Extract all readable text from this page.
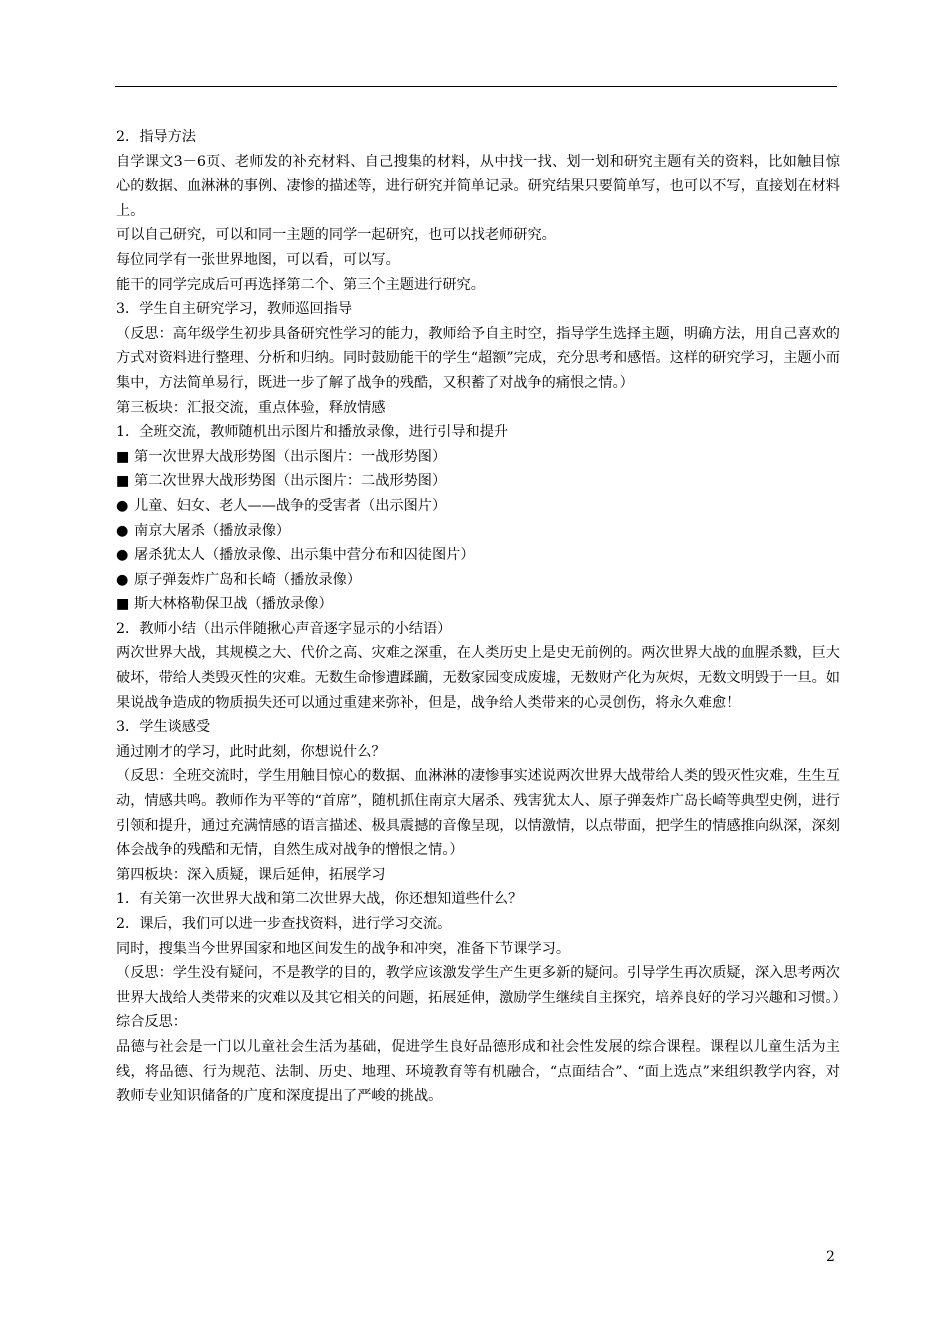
2．指导方法

自学课文3－6页、老师发的补充材料、自己搜集的材料，从中找一找、划一划和研究主题有关的资料，比如触目惊心的数据、血淋淋的事例、凄惨的描述等，进行研究并简单记录。研究结果只要简单写，也可以不写，直接划在材料上。

可以自己研究，可以和同一主题的同学一起研究，也可以找老师研究。

每位同学有一张世界地图，可以看，可以写。

能干的同学完成后可再选择第二个、第三个主题进行研究。

3．学生自主研究学习，教师巡回指导

（反思：高年级学生初步具备研究性学习的能力，教师给予自主时空，指导学生选择主题，明确方法，用自己喜欢的方式对资料进行整理、分析和归纳。同时鼓励能干的学生“超额”完成，充分思考和感悟。这样的研究学习，主题小而集中，方法简单易行，既进一步了解了战争的残酷，又积蓄了对战争的痛恨之情。）

第三板块：汇报交流，重点体验，释放情感

1．全班交流，教师随机出示图片和播放录像，进行引导和提升

■ 第一次世界大战形势图（出示图片：一战形势图）

■ 第二次世界大战形势图（出示图片：二战形势图）

● 儿童、妇女、老人——战争的受害者（出示图片）

● 南京大屠杀（播放录像）

● 屠杀犹太人（播放录像、出示集中营分布和囚徒图片）

● 原子弹轰炸广岛和长崎（播放录像）

■ 斯大林格勒保卫战（播放录像）

2．教师小结（出示伴随揪心声音逐字显示的小结语）

两次世界大战，其规模之大、代价之高、灾难之深重，在人类历史上是史无前例的。两次世界大战的血腥杀戮，巨大破坏，带给人类毁灭性的灾难。无数生命惨遭蹂躏，无数家园变成废墟，无数财产化为灰烬，无数文明毁于一旦。如果说战争造成的物质损失还可以通过重建来弥补，但是，战争给人类带来的心灵创伤，将永久难愈！

3．学生谈感受

通过刚才的学习，此时此刻，你想说什么？

（反思：全班交流时，学生用触目惊心的数据、血淋淋的凄惨事实述说两次世界大战带给人类的毁灭性灾难，生生互动，情感共鸣。教师作为平等的“首席”，随机抓住南京大屠杀、残害犹太人、原子弹轰炸广岛长崎等典型史例，进行引领和提升，通过充满情感的语言描述、极具震撼的音像呈现，以情激情，以点带面，把学生的情感推向纵深，深刻体会战争的残酷和无情，自然生成对战争的憎恨之情。）

第四板块：深入质疑，课后延伸，拓展学习

1．有关第一次世界大战和第二次世界大战，你还想知道些什么？

2．课后，我们可以进一步查找资料，进行学习交流。

同时，搜集当今世界国家和地区间发生的战争和冲突，准备下节课学习。

（反思：学生没有疑问，不是教学的目的，教学应该激发学生产生更多新的疑问。引导学生再次质疑，深入思考两次世界大战给人类带来的灾难以及其它相关的问题，拓展延伸，激励学生继续自主探究，培养良好的学习兴趣和习惯。）

综合反思：

品德与社会是一门以儿童社会生活为基础，促进学生良好品德形成和社会性发展的综合课程。课程以儿童生活为主线，将品德、行为规范、法制、历史、地理、环境教育等有机融合，“点面结合”、“面上选点”来组织教学内容，对教师专业知识储备的广度和深度提出了严峻的挑战。

2
